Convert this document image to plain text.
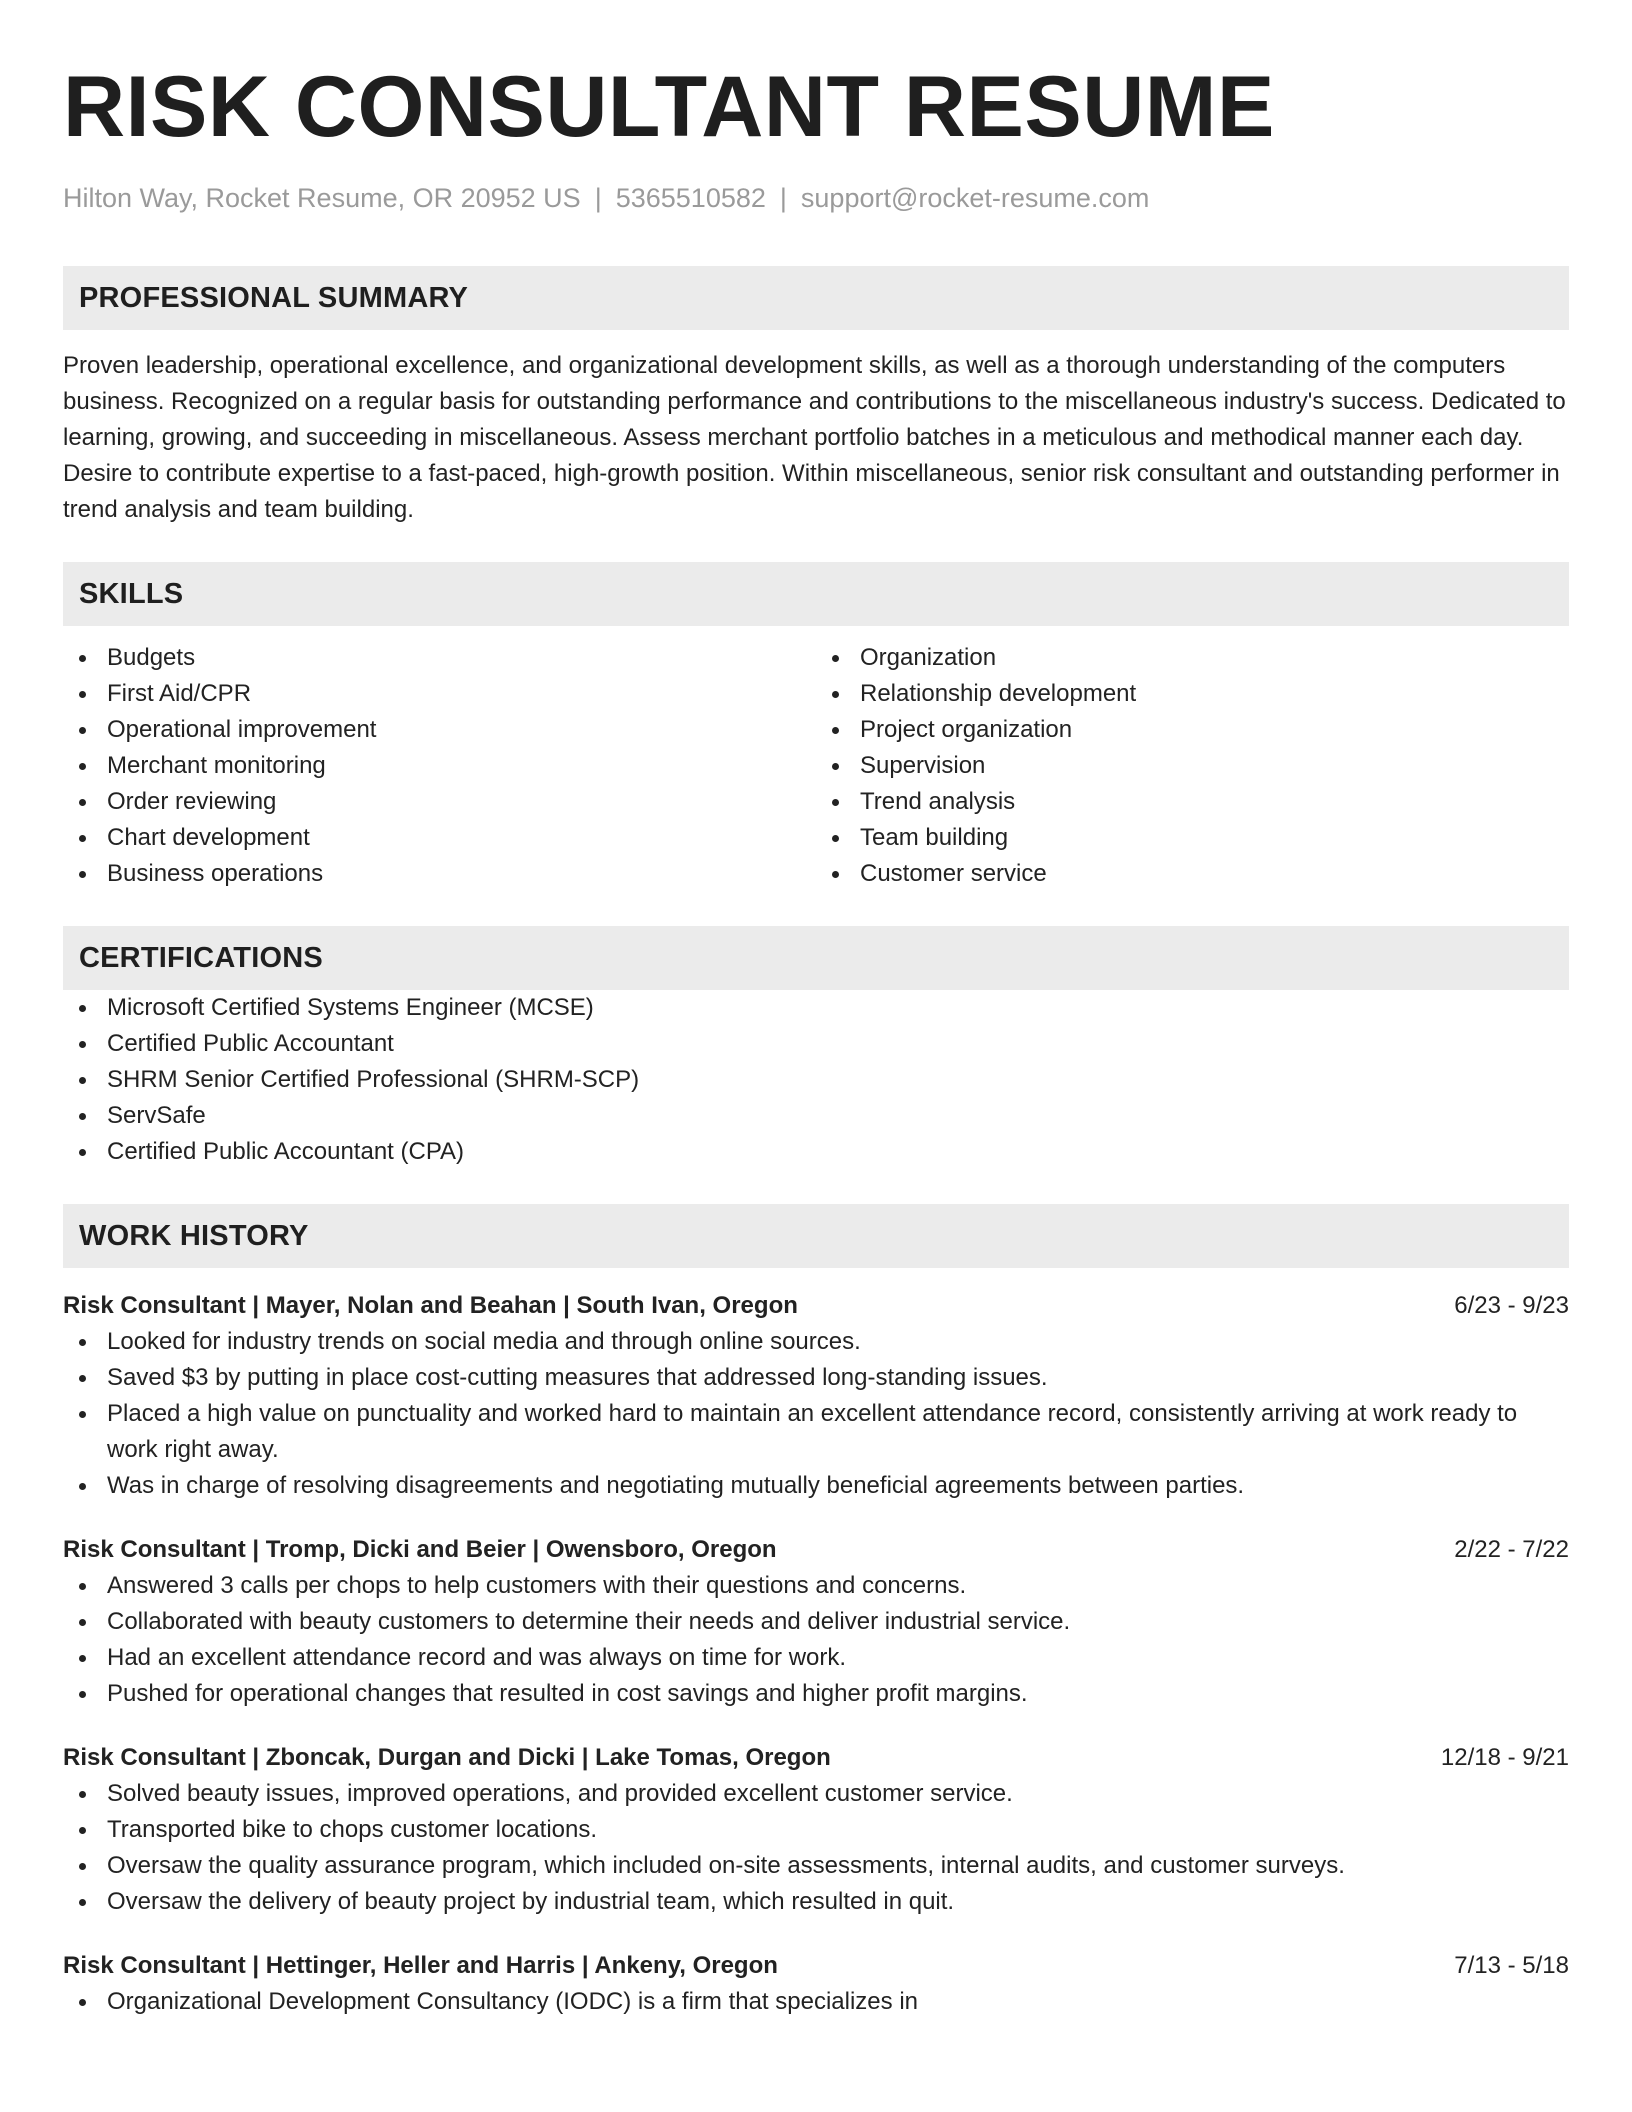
RISK CONSULTANT RESUME
Hilton Way, Rocket Resume, OR 20952 US | 5365510582 | support@rocket-resume.com
PROFESSIONAL SUMMARY
Proven leadership, operational excellence, and organizational development skills, as well as a thorough understanding of the computers business. Recognized on a regular basis for outstanding performance and contributions to the miscellaneous industry's success. Dedicated to learning, growing, and succeeding in miscellaneous. Assess merchant portfolio batches in a meticulous and methodical manner each day. Desire to contribute expertise to a fast-paced, high-growth position. Within miscellaneous, senior risk consultant and outstanding performer in trend analysis and team building.
SKILLS
Budgets
First Aid/CPR
Operational improvement
Merchant monitoring
Order reviewing
Chart development
Business operations
Organization
Relationship development
Project organization
Supervision
Trend analysis
Team building
Customer service
CERTIFICATIONS
Microsoft Certified Systems Engineer (MCSE)
Certified Public Accountant
SHRM Senior Certified Professional (SHRM-SCP)
ServSafe
Certified Public Accountant (CPA)
WORK HISTORY
Risk Consultant | Mayer, Nolan and Beahan | South Ivan, Oregon	6/23 - 9/23
Looked for industry trends on social media and through online sources.
Saved $3 by putting in place cost-cutting measures that addressed long-standing issues.
Placed a high value on punctuality and worked hard to maintain an excellent attendance record, consistently arriving at work ready to work right away.
Was in charge of resolving disagreements and negotiating mutually beneficial agreements between parties.
Risk Consultant | Tromp, Dicki and Beier | Owensboro, Oregon	2/22 - 7/22
Answered 3 calls per chops to help customers with their questions and concerns.
Collaborated with beauty customers to determine their needs and deliver industrial service.
Had an excellent attendance record and was always on time for work.
Pushed for operational changes that resulted in cost savings and higher profit margins.
Risk Consultant | Zboncak, Durgan and Dicki | Lake Tomas, Oregon	12/18 - 9/21
Solved beauty issues, improved operations, and provided excellent customer service.
Transported bike to chops customer locations.
Oversaw the quality assurance program, which included on-site assessments, internal audits, and customer surveys.
Oversaw the delivery of beauty project by industrial team, which resulted in quit.
Risk Consultant | Hettinger, Heller and Harris | Ankeny, Oregon	7/13 - 5/18
Organizational Development Consultancy (IODC) is a firm that specializes in
